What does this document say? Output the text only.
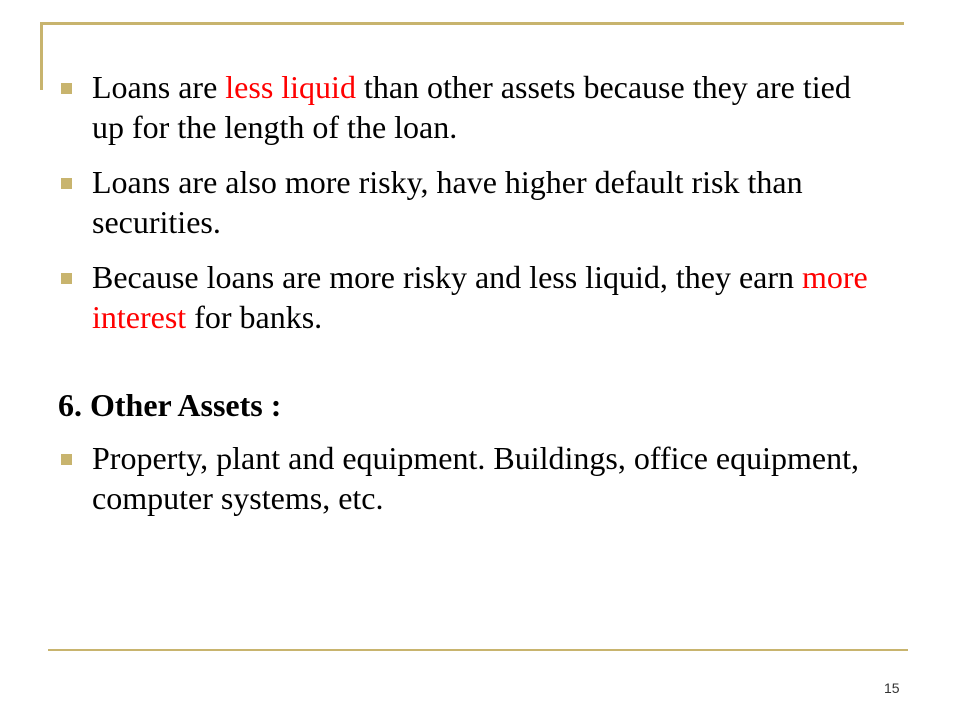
Loans are less liquid than other assets because they are tied up for the length of the loan.
Loans are also more risky, have higher default risk than securities.
Because loans are more risky and less liquid, they earn more interest for banks.
6. Other Assets :
Property, plant and equipment. Buildings, office equipment, computer systems, etc.
15
